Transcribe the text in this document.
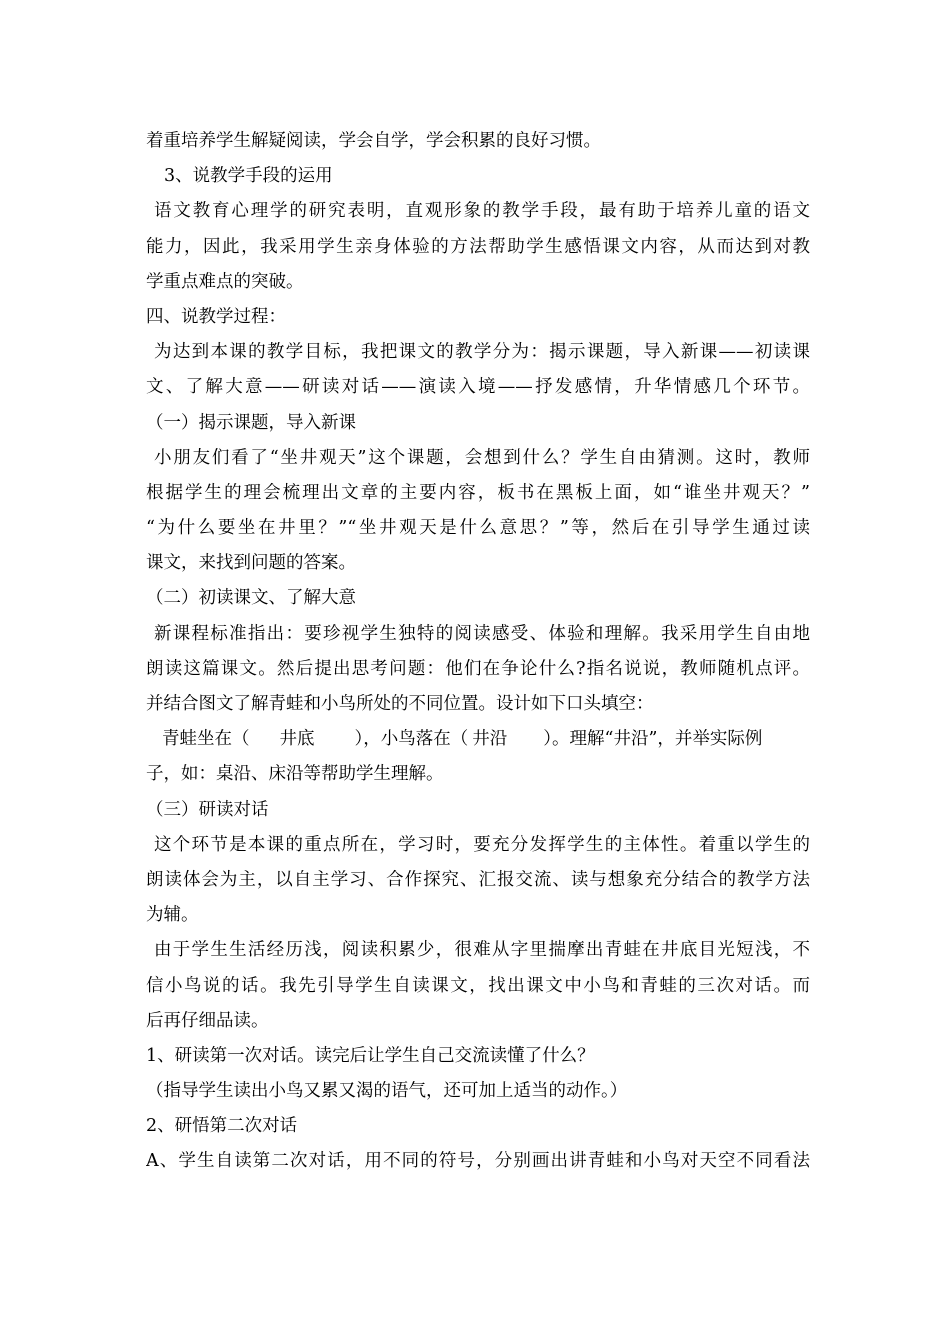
着重培养学生解疑阅读，学会自学，学会积累的良好习惯。
3、说教学手段的运用
语文教育心理学的研究表明，直观形象的教学手段，最有助于培养儿童的语文
能力，因此，我采用学生亲身体验的方法帮助学生感悟课文内容，从而达到对教
学重点难点的突破。
四、说教学过程：
为达到本课的教学目标，我把课文的教学分为：揭示课题，导入新课——初读课
文、了解大意——研读对话——演读入境——抒发感情，升华情感几个环节。
（一）揭示课题，导入新课
小朋友们看了“坐井观天”这个课题，会想到什么？学生自由猜测。这时，教师
根据学生的理会梳理出文章的主要内容，板书在黑板上面，如“谁坐井观天？”
“为什么要坐在井里？”“坐井观天是什么意思？”等，然后在引导学生通过读
课文，来找到问题的答案。
（二）初读课文、了解大意
新课程标准指出：要珍视学生独特的阅读感受、体验和理解。我采用学生自由地
朗读这篇课文。然后提出思考问题：他们在争论什么?指名说说，教师随机点评。
并结合图文了解青蛙和小鸟所处的不同位置。设计如下口头填空：
青蛙坐在（ 井底 ），小鸟落在（ 井沿 ）。理解“井沿”，并举实际例
子，如：桌沿、床沿等帮助学生理解。
（三）研读对话
这个环节是本课的重点所在，学习时，要充分发挥学生的主体性。着重以学生的
朗读体会为主，以自主学习、合作探究、汇报交流、读与想象充分结合的教学方法
为辅。
由于学生生活经历浅，阅读积累少，很难从字里揣摩出青蛙在井底目光短浅，不
信小鸟说的话。我先引导学生自读课文，找出课文中小鸟和青蛙的三次对话。而
后再仔细品读。
1、研读第一次对话。读完后让学生自己交流读懂了什么？
（指导学生读出小鸟又累又渴的语气，还可加上适当的动作。）
2、研悟第二次对话
A、学生自读第二次对话，用不同的符号，分别画出讲青蛙和小鸟对天空不同看法
